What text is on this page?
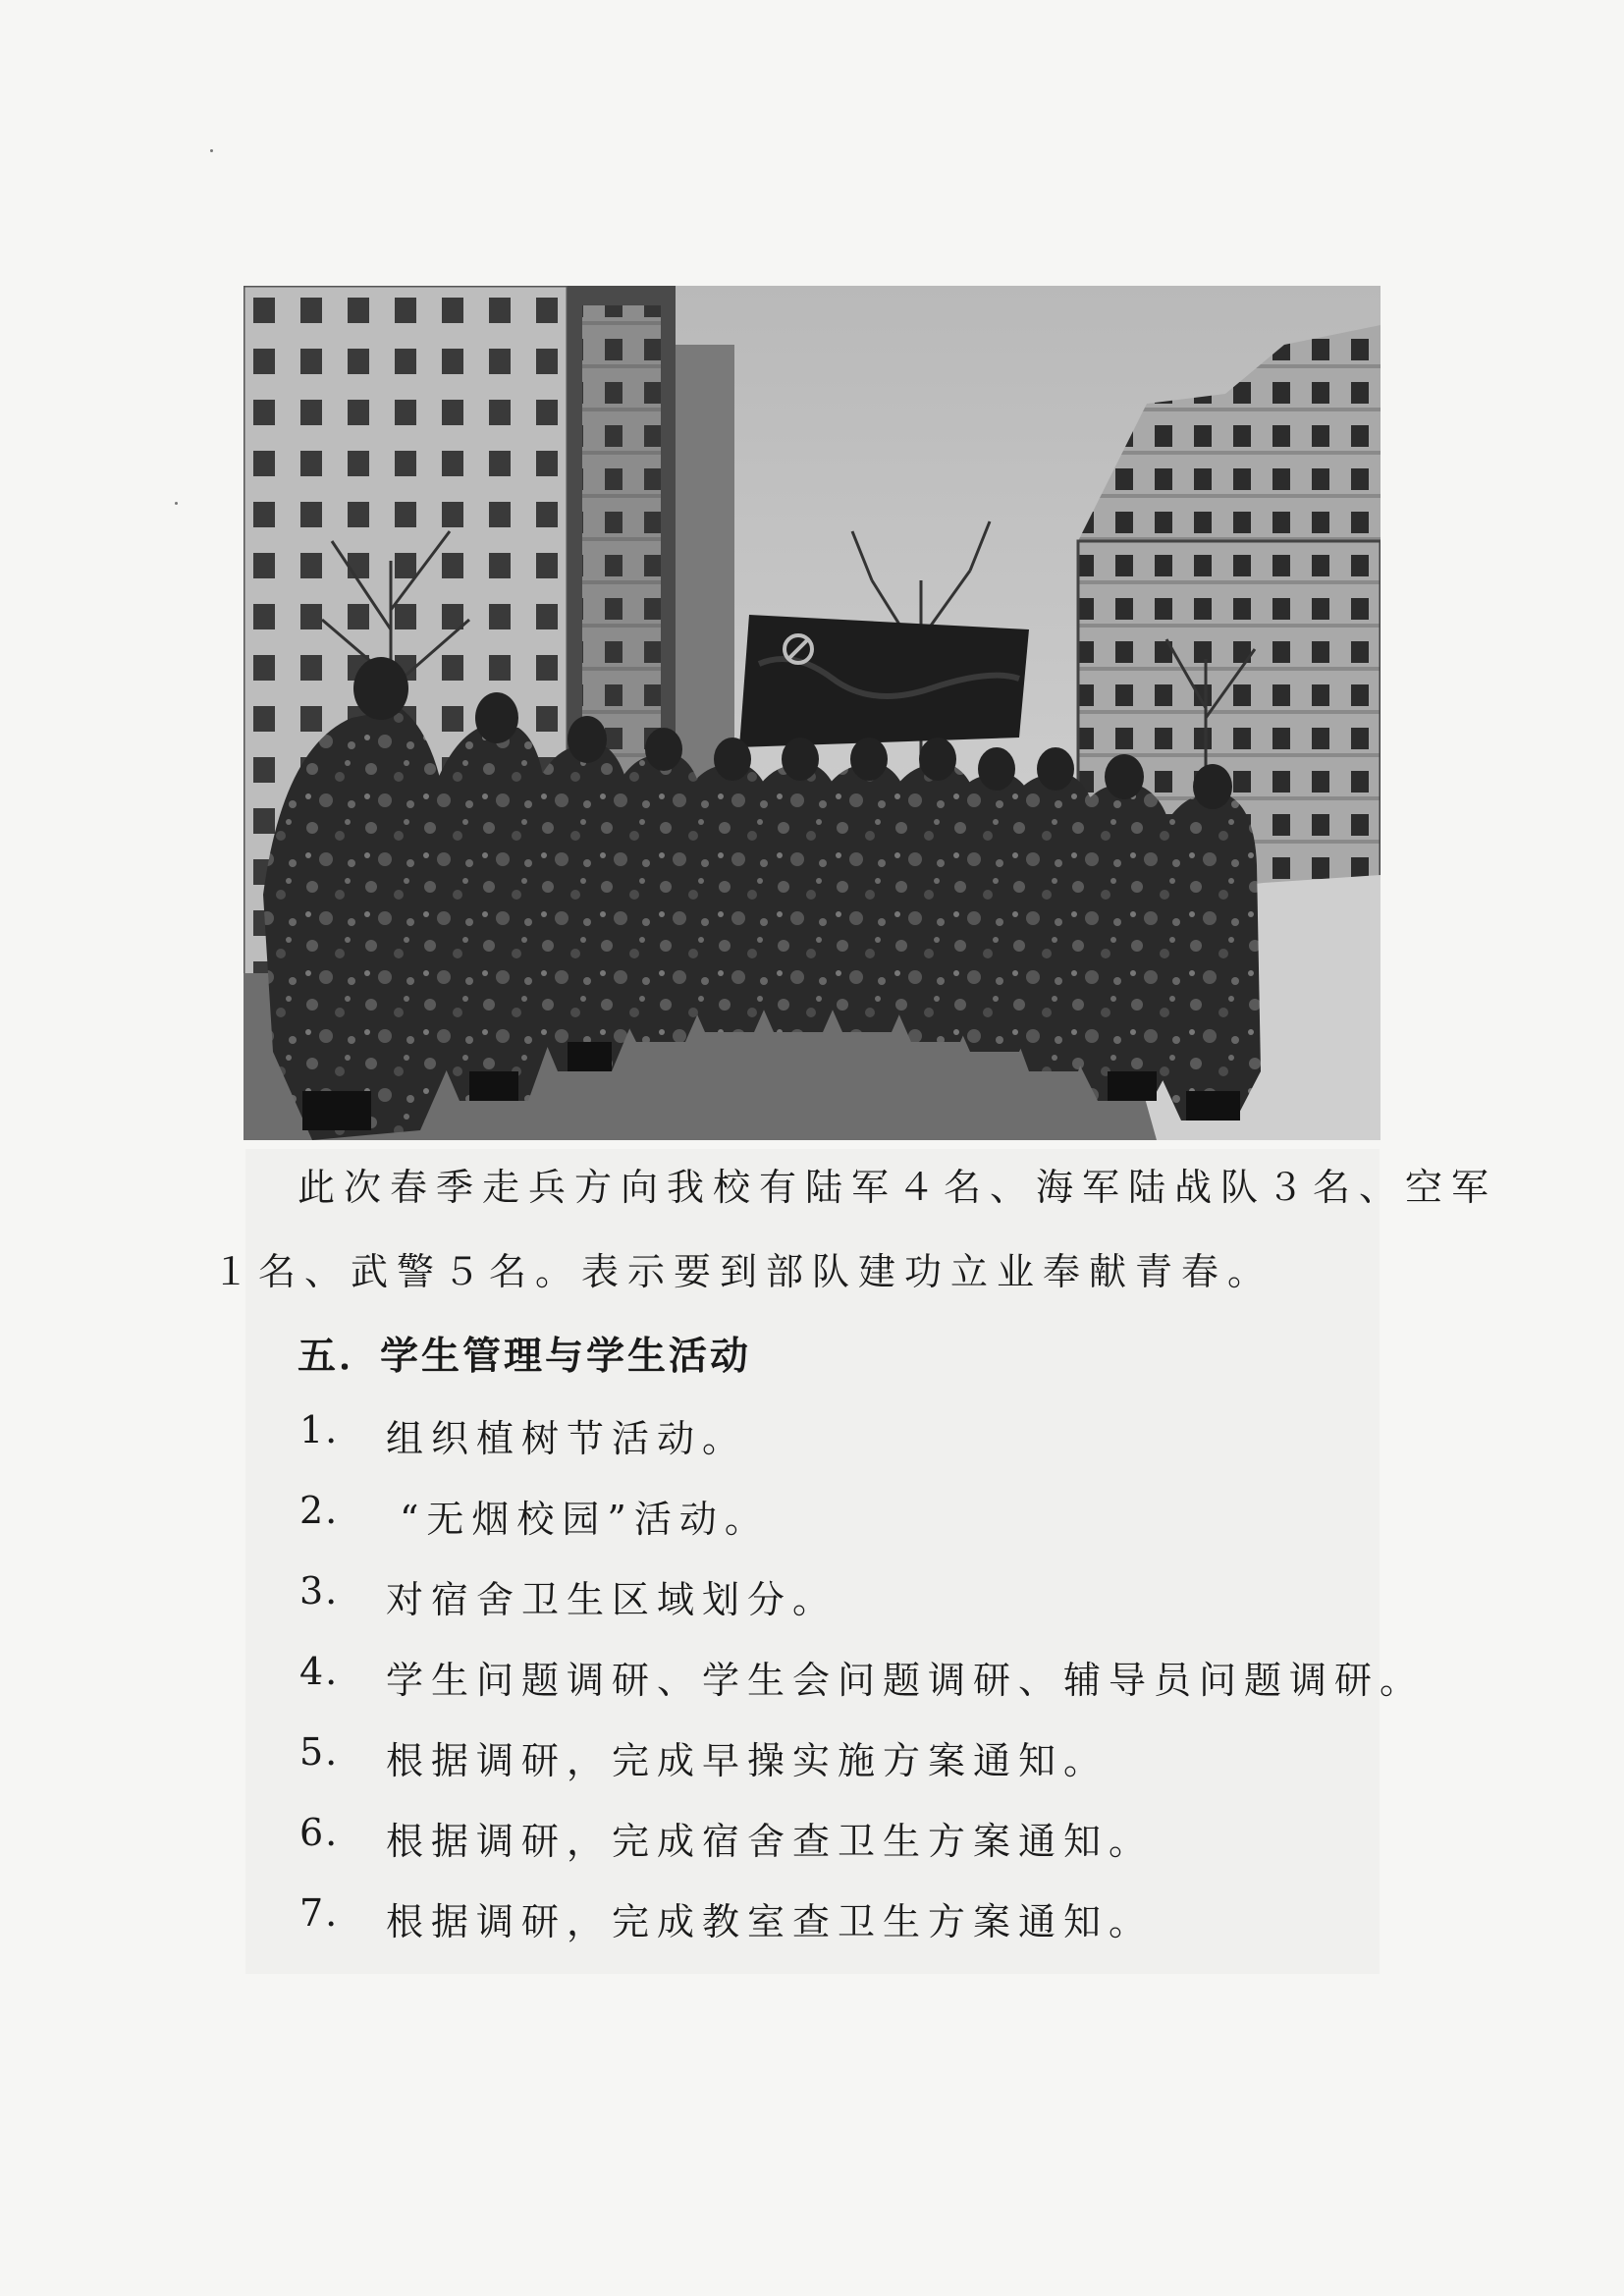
此次春季走兵方向我校有陆军４名、海军陆战队３名、空军
１名、武警５名。表示要到部队建功立业奉献青春。
五．学生管理与学生活动
1.	组织植树节活动。
2.	“无烟校园”活动。
3.	对宿舍卫生区域划分。
4.	学生问题调研、学生会问题调研、辅导员问题调研。
5.	根据调研，完成早操实施方案通知。
6.	根据调研，完成宿舍查卫生方案通知。
7.	根据调研，完成教室查卫生方案通知。
